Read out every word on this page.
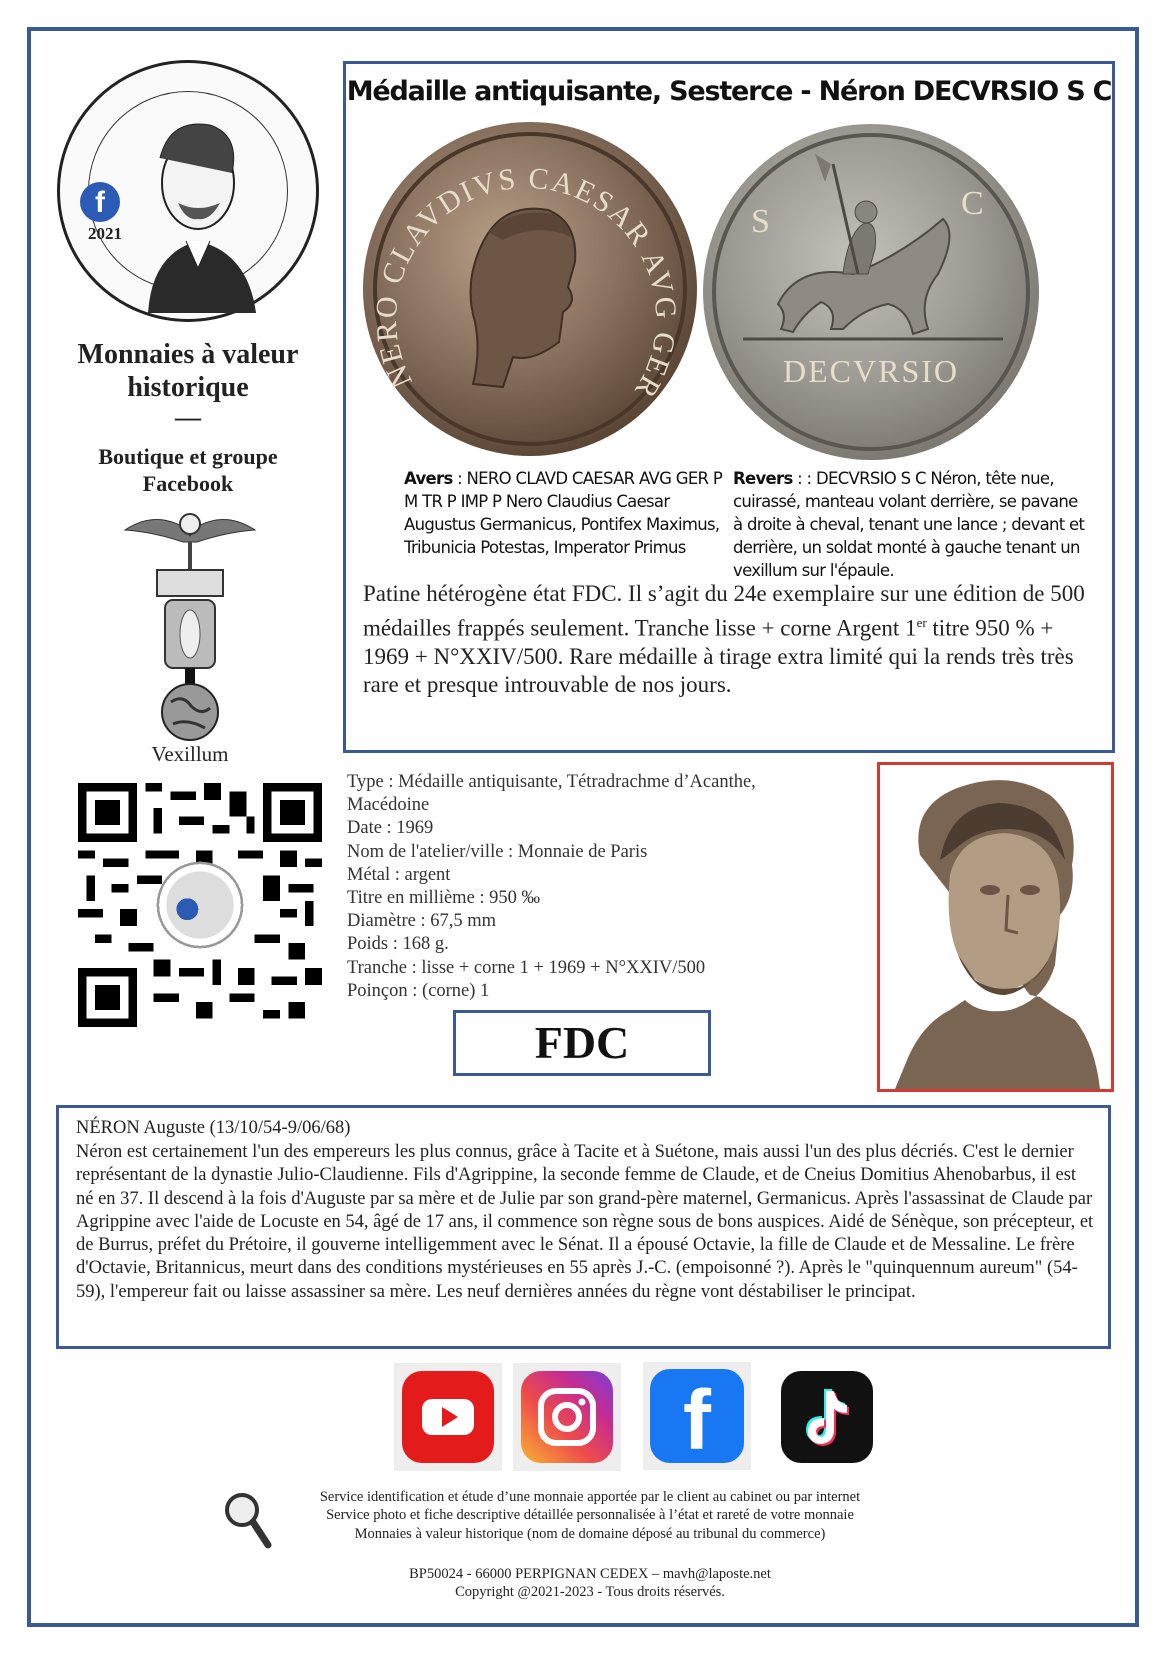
f
2021
Monnaies à valeur historique
—
Boutique et groupe Facebook
Vexillum
Médaille antiquisante, Sesterce - Néron DECVRSIO S C
NERO CLAVDIVS CAESAR AVG GER
S	C
DECVRSIO
Avers : NERO CLAVD CAESAR AVG GER P M TR P IMP P Nero Claudius Caesar Augustus Germanicus, Pontifex Maximus, Tribunicia Potestas, Imperator Primus
Revers : : DECVRSIO S C Néron, tête nue, cuirassé, manteau volant derrière, se pavane à droite à cheval, tenant une lance ; devant et derrière, un soldat monté à gauche tenant un vexillum sur l'épaule.
Patine hétérogène état FDC. Il s’agit du 24e exemplaire sur une édition de 500 médailles frappés seulement. Tranche lisse + corne Argent 1er titre 950 % + 1969 + N°XXIV/500. Rare médaille à tirage extra limité qui la rends très très rare et presque introuvable de nos jours.
Type : Médaille antiquisante, Tétradrachme d’Acanthe, Macédoine
Date : 1969
Nom de l'atelier/ville : Monnaie de Paris
Métal : argent
Titre en millième : 950 ‰
Diamètre : 67,5 mm
Poids : 168 g.
Tranche : lisse + corne 1 + 1969 + N°XXIV/500
Poinçon : (corne) 1
FDC
NÉRON Auguste (13/10/54-9/06/68)
Néron est certainement l'un des empereurs les plus connus, grâce à Tacite et à Suétone, mais aussi l'un des plus décriés. C'est le dernier représentant de la dynastie Julio-Claudienne. Fils d'Agrippine, la seconde femme de Claude, et de Cneius Domitius Ahenobarbus, il est né en 37. Il descend à la fois d'Auguste par sa mère et de Julie par son grand-père maternel, Germanicus. Après l'assassinat de Claude par Agrippine avec l'aide de Locuste en 54, âgé de 17 ans, il commence son règne sous de bons auspices. Aidé de Sénèque, son précepteur, et de Burrus, préfet du Prétoire, il gouverne intelligemment avec le Sénat. Il a épousé Octavie, la fille de Claude et de Messaline. Le frère d'Octavie, Britannicus, meurt dans des conditions mystérieuses en 55 après J.-C. (empoisonné ?). Après le "quinquennum aureum" (54-59), l'empereur fait ou laisse assassiner sa mère. Les neuf dernières années du règne vont déstabiliser le principat.
f
Service identification et étude d’une monnaie apportée par le client au cabinet ou par internet
Service photo et fiche descriptive détaillée personnalisée à l’état et rareté de votre monnaie
Monnaies à valeur historique (nom de domaine déposé au tribunal du commerce)
BP50024 - 66000 PERPIGNAN CEDEX – mavh@laposte.net
Copyright @2021-2023 - Tous droits réservés.
